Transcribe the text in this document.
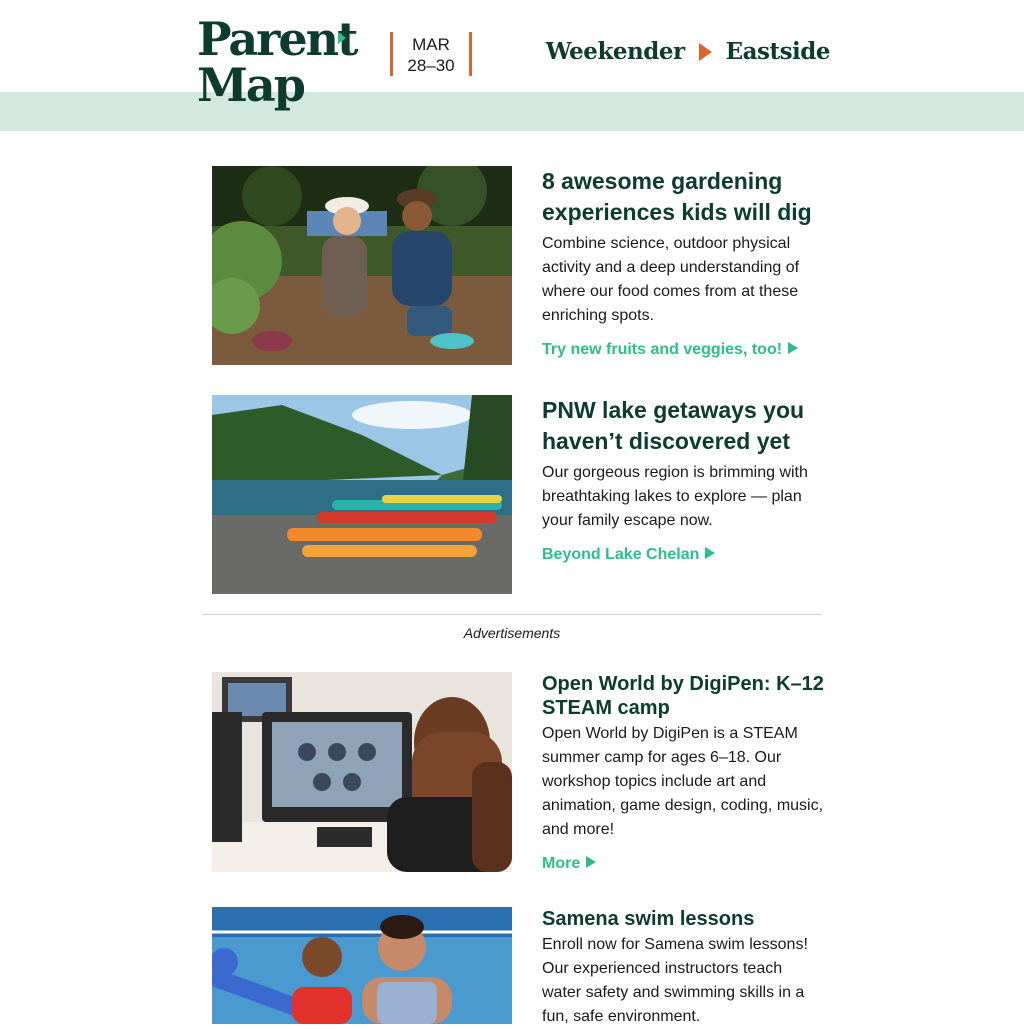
Parent
Map
MAR
28–30
Weekender Eastside
8 awesome gardening experiences kids will dig

Combine science, outdoor physical activity and a deep understanding of where our food comes from at these enriching spots.

Try new fruits and veggies, too!
PNW lake getaways you haven’t discovered yet

Our gorgeous region is brimming with breathtaking lakes to explore — plan your family escape now.

Beyond Lake Chelan
Advertisements
Open World by DigiPen: K–12 STEAM camp

Open World by DigiPen is a STEAM summer camp for ages 6–18. Our workshop topics include art and animation, game design, coding, music, and more!

More
Samena swim lessons

Enroll now for Samena swim lessons! Our experienced instructors teach water safety and swimming skills in a fun, safe environment.
